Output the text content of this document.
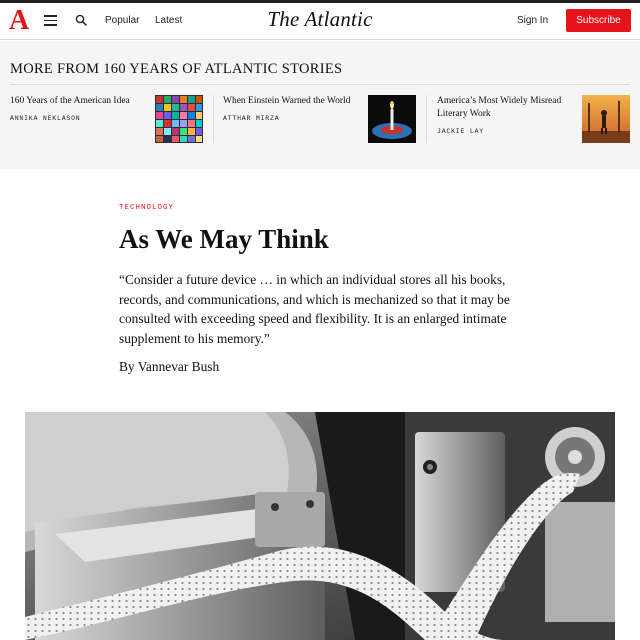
A	Popular Latest	The Atlantic	Sign In	Subscribe
MORE FROM 160 YEARS OF ATLANTIC STORIES
160 Years of the American Idea
ANNIKA NEKLASON
When Einstein Warned the World
ATTHAR MIRZA
America’s Most Widely Misread
Literary Work
JACKIE LAY
TECHNOLOGY
As We May Think

“Consider a future device … in which an individual stores all his books, records, and communications, and which is mechanized so that it may be consulted with exceeding speed and flexibility. It is an enlarged intimate supplement to his memory.”

By Vannevar Bush
